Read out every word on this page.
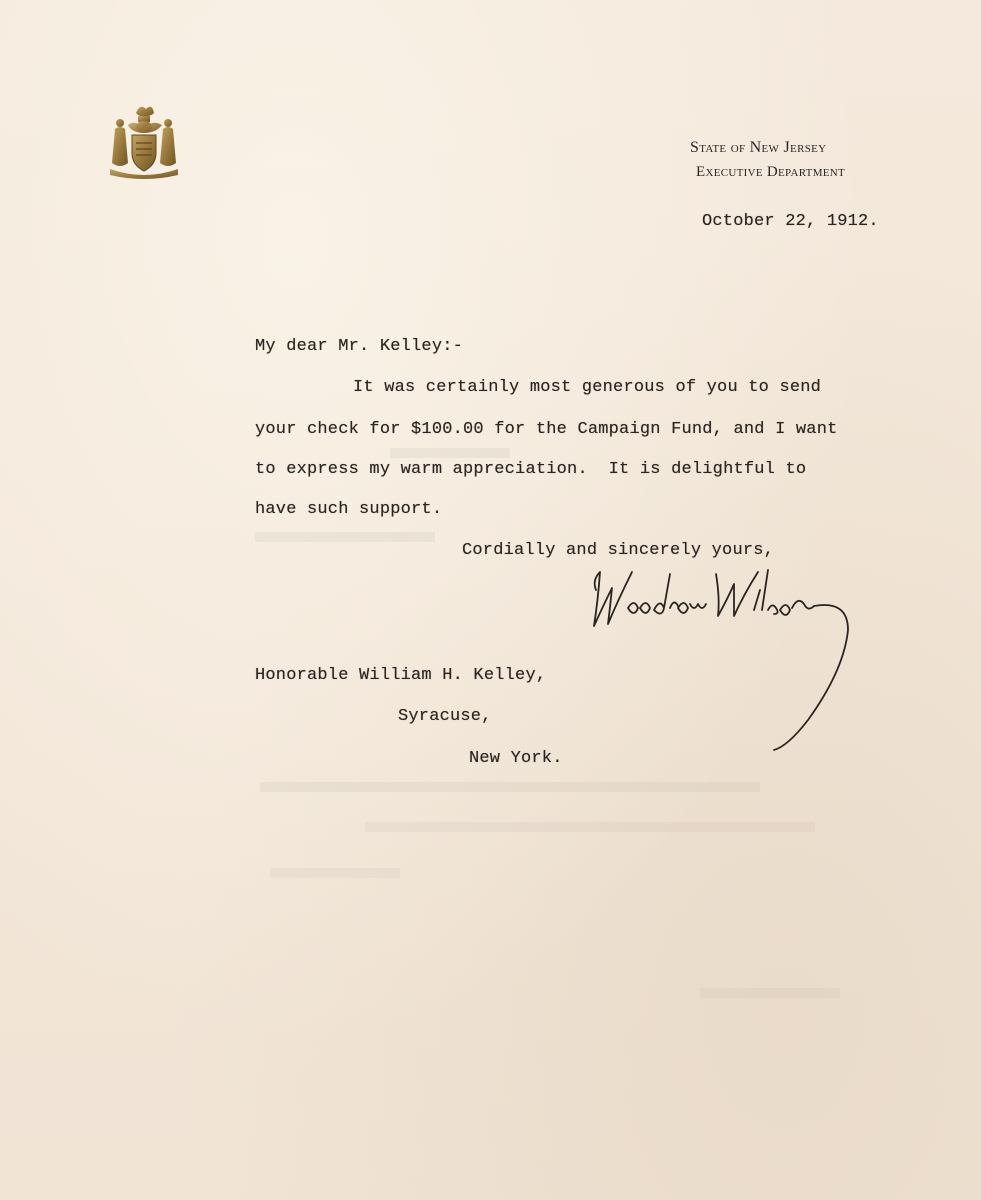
State of New Jersey
Executive Department
October 22, 1912.
My dear Mr. Kelley:-
It was certainly most generous of you to send
your check for $100.00 for the Campaign Fund, and I want
to express my warm appreciation.  It is delightful to
have such support.
Cordially and sincerely yours,
Honorable William H. Kelley,
Syracuse,
New York.
